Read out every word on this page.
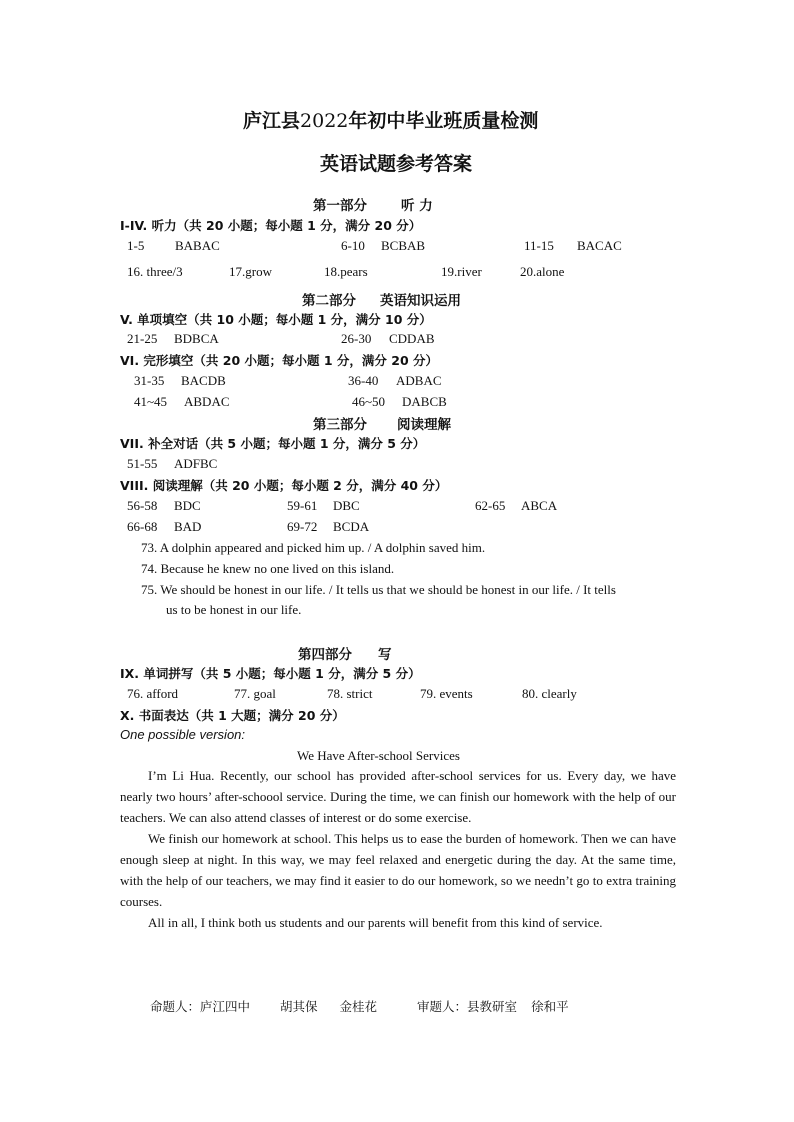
庐江县2022年初中毕业班质量检测
英语试题参考答案
第一部分	听 力
I-IV. 听力（共 20 小题；每小题 1 分，满分 20 分）
1-5 BABAC	6-10 BCBAB	11-15 BACAC
16. three/3	17.grow	18.pears	19.river	20.alone
第二部分 英语知识运用
V. 单项填空（共 10 小题；每小题 1 分，满分 10 分）
21-25 BDBCA	26-30 CDDAB
VI. 完形填空（共 20 小题；每小题 1 分，满分 20 分）
31-35 BACDB	36-40 ADBAC
41~45 ABDAC	46~50 DABCB
第三部分 阅读理解
VII. 补全对话（共 5 小题；每小题 1 分，满分 5 分）
51-55 ADFBC
VIII. 阅读理解（共 20 小题；每小题 2 分，满分 40 分）
56-58 BDC	59-61 DBC	62-65 ABCA
66-68 BAD	69-72 BCDA
73. A dolphin appeared and picked him up. / A dolphin saved him.
74. Because he knew no one lived on this island.
75. We should be honest in our life. / It tells us that we should be honest in our life. / It tells
us to be honest in our life.
第四部分 写
IX. 单词拼写（共 5 小题；每小题 1 分，满分 5 分）
76. afford	77. goal	78. strict	79. events	80. clearly
X. 书面表达（共 1 大题；满分 20 分）
One possible version:
We Have After-school Services

I’m Li Hua. Recently, our school has provided after-school services for us. Every day, we have nearly two hours’ after-schoool service. During the time, we can finish our homework with the help of our teachers. We can also attend classes of interest or do some exercise.

We finish our homework at school. This helps us to ease the burden of homework. Then we can have enough sleep at night. In this way, we may feel relaxed and energetic during the day. At the same time, with the help of our teachers, we may find it easier to do our homework, so we needn’t go to extra training courses.

All in all, I think both us students and our parents will benefit from this kind of service.

命题人：庐江四中 胡其保 金桂花	审题人：县教研室 徐和平
